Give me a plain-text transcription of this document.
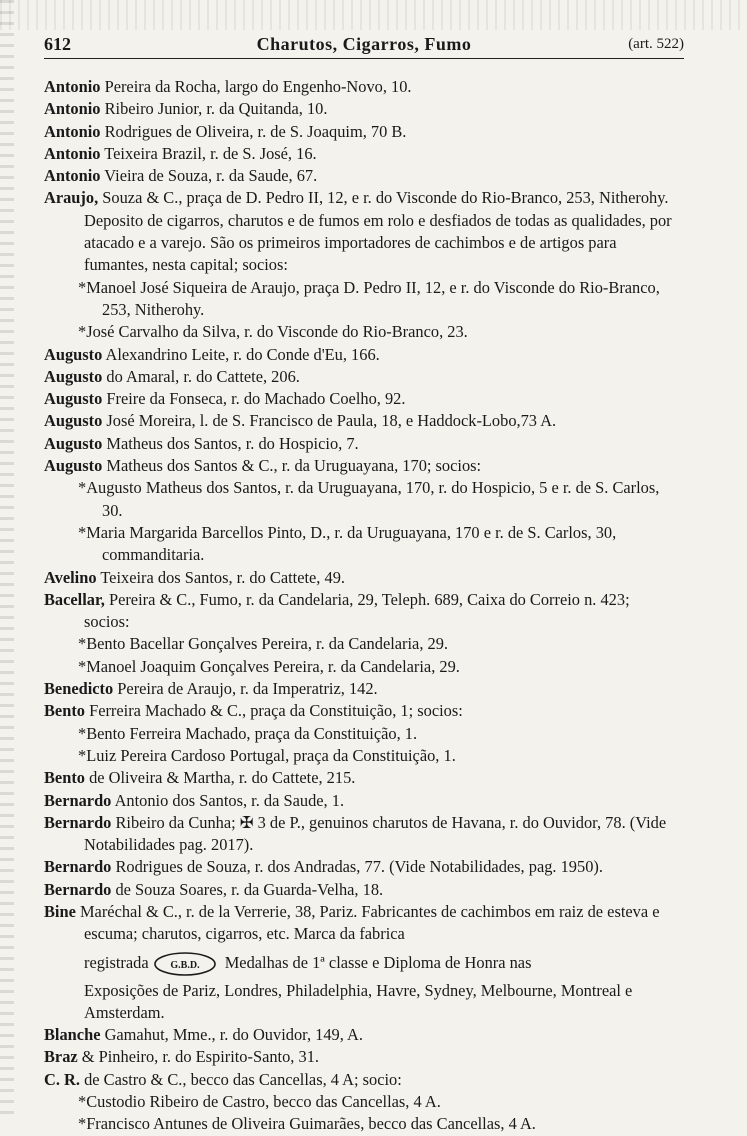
612	Charutos, Cigarros, Fumo	(art. 522)

Antonio Pereira da Rocha, largo do Engenho-Novo, 10.

Antonio Ribeiro Junior, r. da Quitanda, 10.

Antonio Rodrigues de Oliveira, r. de S. Joaquim, 70 B.

Antonio Teixeira Brazil, r. de S. José, 16.

Antonio Vieira de Souza, r. da Saude, 67.

Araujo, Souza & C., praça de D. Pedro II, 12, e r. do Visconde do Rio-Branco, 253, Nitherohy.

Deposito de cigarros, charutos e de fumos em rolo e desfiados de todas as qualidades, por atacado e a varejo. São os primeiros importadores de cachimbos e de artigos para fumantes, nesta capital; socios:

*Manoel José Siqueira de Araujo, praça D. Pedro II, 12, e r. do Visconde do Rio-Branco, 253, Nitherohy.

*José Carvalho da Silva, r. do Visconde do Rio-Branco, 23.

Augusto Alexandrino Leite, r. do Conde d'Eu, 166.

Augusto do Amaral, r. do Cattete, 206.

Augusto Freire da Fonseca, r. do Machado Coelho, 92.

Augusto José Moreira, l. de S. Francisco de Paula, 18, e Haddock-Lobo,73 A.

Augusto Matheus dos Santos, r. do Hospicio, 7.

Augusto Matheus dos Santos & C., r. da Uruguayana, 170; socios:

*Augusto Matheus dos Santos, r. da Uruguayana, 170, r. do Hospicio, 5 e r. de S. Carlos, 30.

*Maria Margarida Barcellos Pinto, D., r. da Uruguayana, 170 e r. de S. Carlos, 30, commanditaria.

Avelino Teixeira dos Santos, r. do Cattete, 49.

Bacellar, Pereira & C., Fumo, r. da Candelaria, 29, Teleph. 689, Caixa do Correio n. 423; socios:

*Bento Bacellar Gonçalves Pereira, r. da Candelaria, 29.

*Manoel Joaquim Gonçalves Pereira, r. da Candelaria, 29.

Benedicto Pereira de Araujo, r. da Imperatriz, 142.

Bento Ferreira Machado & C., praça da Constituição, 1; socios:

*Bento Ferreira Machado, praça da Constituição, 1.

*Luiz Pereira Cardoso Portugal, praça da Constituição, 1.

Bento de Oliveira & Martha, r. do Cattete, 215.

Bernardo Antonio dos Santos, r. da Saude, 1.

Bernardo Ribeiro da Cunha; ✠ 3 de P., genuinos charutos de Havana, r. do Ouvidor, 78. (Vide Notabilidades pag. 2017).

Bernardo Rodrigues de Souza, r. dos Andradas, 77. (Vide Notabilidades, pag. 1950).

Bernardo de Souza Soares, r. da Guarda-Velha, 18.

Bine Maréchal & C., r. de la Verrerie, 38, Pariz. Fabricantes de cachimbos em raiz de esteva e escuma; charutos, cigarros, etc. Marca da fabrica

registrada G.B.D. Medalhas de 1ª classe e Diploma de Honra nas

Exposições de Pariz, Londres, Philadelphia, Havre, Sydney, Melbourne, Montreal e Amsterdam.

Blanche Gamahut, Mme., r. do Ouvidor, 149, A.

Braz & Pinheiro, r. do Espirito-Santo, 31.

C. R. de Castro & C., becco das Cancellas, 4 A; socio:

*Custodio Ribeiro de Castro, becco das Cancellas, 4 A.

*Francisco Antunes de Oliveira Guimarães, becco das Cancellas, 4 A.
